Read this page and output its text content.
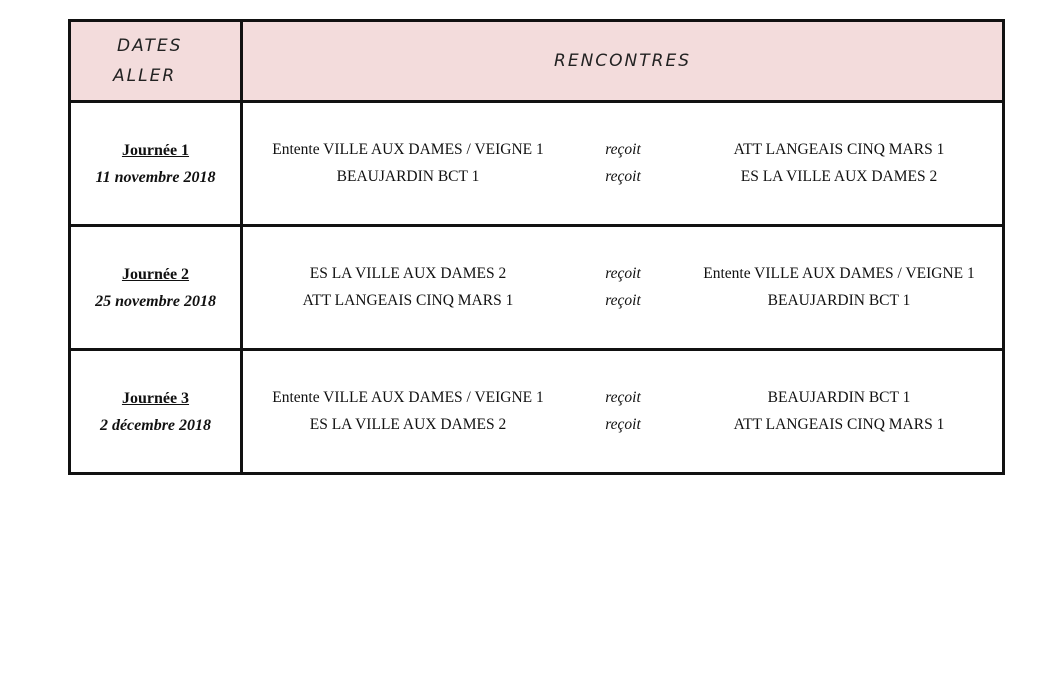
DATES
ALLER
	RENCONTRES

Journée 1
11 novembre 2018

Entente VILLE AUX DAMES / VEIGNE 1	reçoit	ATT LANGEAIS CINQ MARS 1
BEAUJARDIN BCT 1	reçoit	ES LA VILLE AUX DAMES 2

Journée 2
25 novembre 2018

ES LA VILLE AUX DAMES 2	reçoit	Entente VILLE AUX DAMES / VEIGNE 1
ATT LANGEAIS CINQ MARS 1	reçoit	BEAUJARDIN BCT 1

Journée 3
2 décembre 2018

Entente VILLE AUX DAMES / VEIGNE 1	reçoit	BEAUJARDIN BCT 1
ES LA VILLE AUX DAMES 2	reçoit	ATT LANGEAIS CINQ MARS 1
